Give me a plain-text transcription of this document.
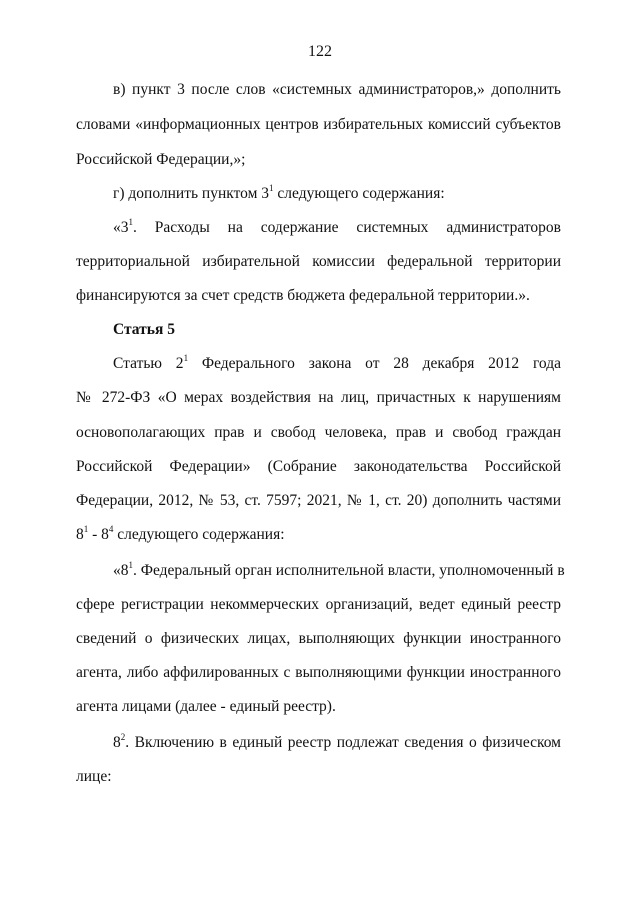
122
в) пункт 3 после слов «системных администраторов,» дополнить
словами «информационных центров избирательных комиссий субъектов
Российской Федерации,»;
г) дополнить пунктом $3^1$ следующего содержания:
«$3^1$. Расходы на содержание системных администраторов
территориальной избирательной комиссии федеральной территории
финансируются за счет средств бюджета федеральной территории.».
Статья 5
Статью $2^1$ Федерального закона от 28 декабря 2012 года
№ 272-ФЗ «О мерах воздействия на лиц, причастных к нарушениям
основополагающих прав и свобод человека, прав и свобод граждан
Российской Федерации» (Собрание законодательства Российской
Федерации, 2012, № 53, ст. 7597; 2021, № 1, ст. 20) дополнить частями
$8^1 - 8^4$ следующего содержания:
«$8^1$. Федеральный орган исполнительной власти, уполномоченный в
сфере регистрации некоммерческих организаций, ведет единый реестр
сведений о физических лицах, выполняющих функции иностранного
агента, либо аффилированных с выполняющими функции иностранного
агента лицами (далее - единый реестр).
$8^2$. Включению в единый реестр подлежат сведения о физическом
лице:
